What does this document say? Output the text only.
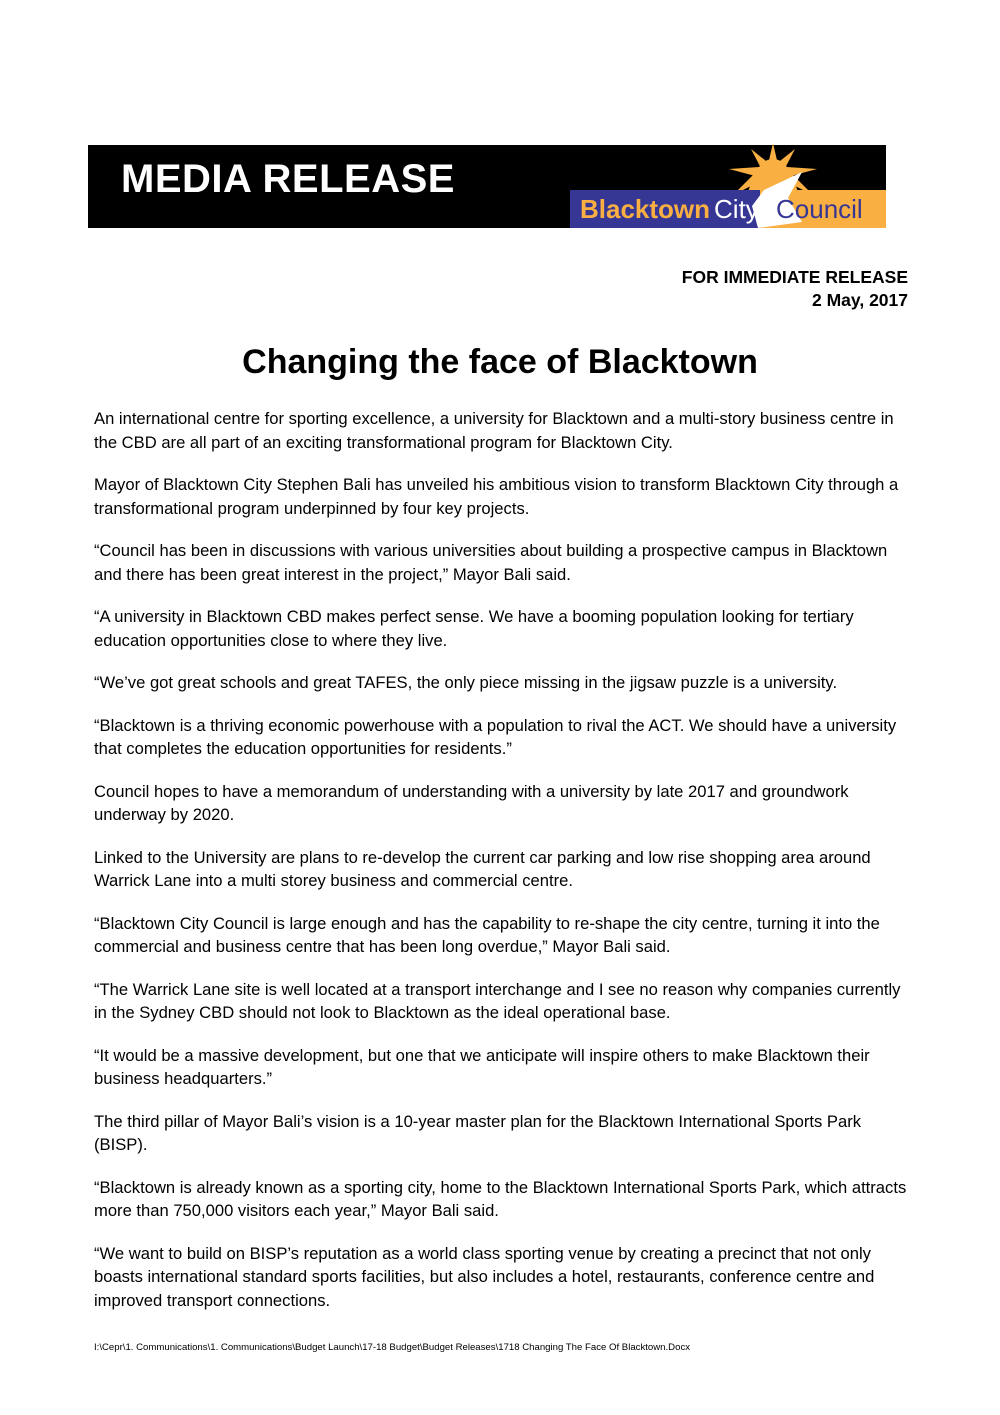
MEDIA RELEASE
Blacktown City Council
FOR IMMEDIATE RELEASE
2 May, 2017
Changing the face of Blacktown

An international centre for sporting excellence, a university for Blacktown and a multi-story business centre in the CBD are all part of an exciting transformational program for Blacktown City.

Mayor of Blacktown City Stephen Bali has unveiled his ambitious vision to transform Blacktown City through a transformational program underpinned by four key projects.

“Council has been in discussions with various universities about building a prospective campus in Blacktown and there has been great interest in the project,” Mayor Bali said.

“A university in Blacktown CBD makes perfect sense. We have a booming population looking for tertiary education opportunities close to where they live.

“We’ve got great schools and great TAFES, the only piece missing in the jigsaw puzzle is a university.

“Blacktown is a thriving economic powerhouse with a population to rival the ACT. We should have a university that completes the education opportunities for residents.”

Council hopes to have a memorandum of understanding with a university by late 2017 and groundwork underway by 2020.

Linked to the University are plans to re-develop the current car parking and low rise shopping area around Warrick Lane into a multi storey business and commercial centre.

“Blacktown City Council is large enough and has the capability to re-shape the city centre, turning it into the commercial and business centre that has been long overdue,” Mayor Bali said.

“The Warrick Lane site is well located at a transport interchange and I see no reason why companies currently in the Sydney CBD should not look to Blacktown as the ideal operational base.

“It would be a massive development, but one that we anticipate will inspire others to make Blacktown their business headquarters.”

The third pillar of Mayor Bali’s vision is a 10-year master plan for the Blacktown International Sports Park (BISP).

“Blacktown is already known as a sporting city, home to the Blacktown International Sports Park, which attracts more than 750,000 visitors each year,” Mayor Bali said.

“We want to build on BISP’s reputation as a world class sporting venue by creating a precinct that not only boasts international standard sports facilities, but also includes a hotel, restaurants, conference centre and improved transport connections.

I:\Cepr\1. Communications\1. Communications\Budget Launch\17-18 Budget\Budget Releases\1718 Changing The Face Of Blacktown.Docx
